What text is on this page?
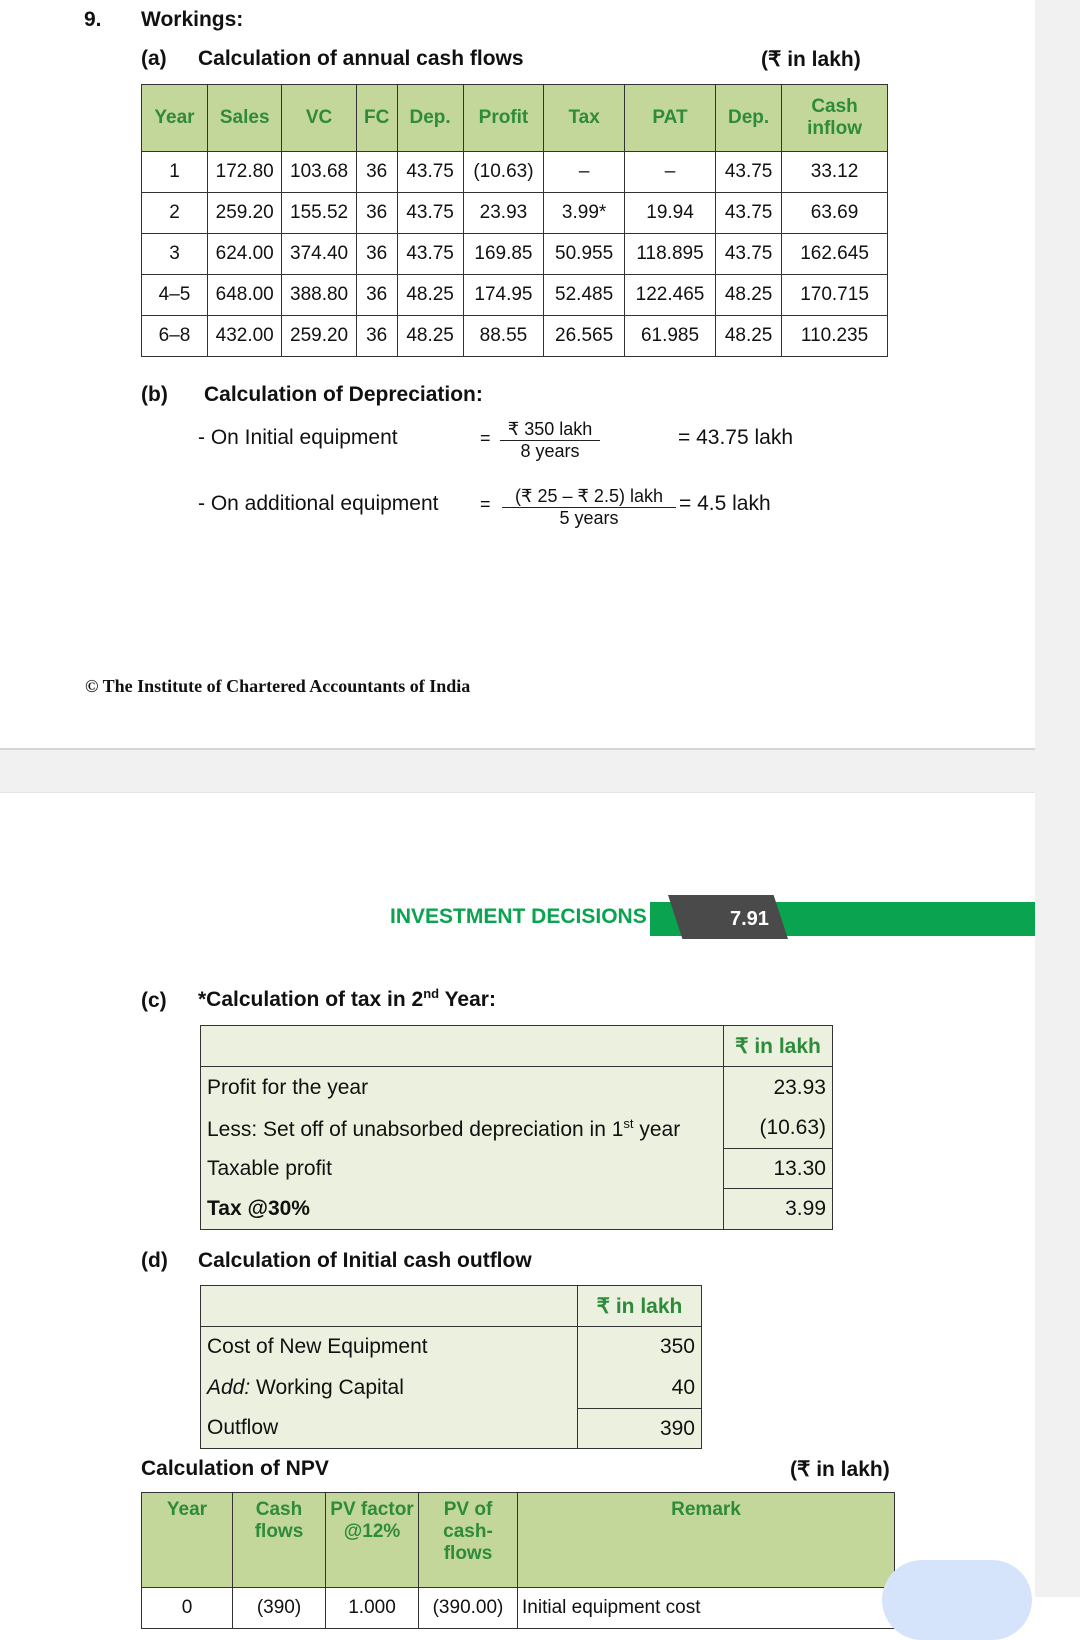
9. Workings:
(a) Calculation of annual cash flows	(₹ in lakh)
Year	Sales	VC	FC	Dep.	Profit	Tax	PAT	Dep.	Cash inflow
1	172.80	103.68	36	43.75	(10.63)	–	–	43.75	33.12
2	259.20	155.52	36	43.75	23.93	3.99*	19.94	43.75	63.69
3	624.00	374.40	36	43.75	169.85	50.955	118.895	43.75	162.645
4–5	648.00	388.80	36	48.25	174.95	52.485	122.465	48.25	170.715
6–8	432.00	259.20	36	48.25	88.55	26.565	61.985	48.25	110.235
(b) Calculation of Depreciation:
- On Initial equipment	= ₹ 350 lakh
8 years
= 43.75 lakh
- On additional equipment =	(₹ 25 – ₹ 2.5) lakh
5 years
= 4.5 lakh
© The Institute of Chartered Accountants of India
INVESTMENT DECISIONS	7.91
(c) *Calculation of tax in 2nd Year:
	₹ in lakh
Profit for the year	23.93
Less: Set off of unabsorbed depreciation in 1st year	(10.63)
Taxable profit	13.30
Tax @30%	3.99
(d) Calculation of Initial cash outflow
	₹ in lakh
Cost of New Equipment	350
Add: Working Capital	40
Outflow	390
Calculation of NPV	(₹ in lakh)
Year	Cash flows	PV factor @12%	PV of cash-flows	Remark
0	(390)	1.000	(390.00)	Initial equipment cost
